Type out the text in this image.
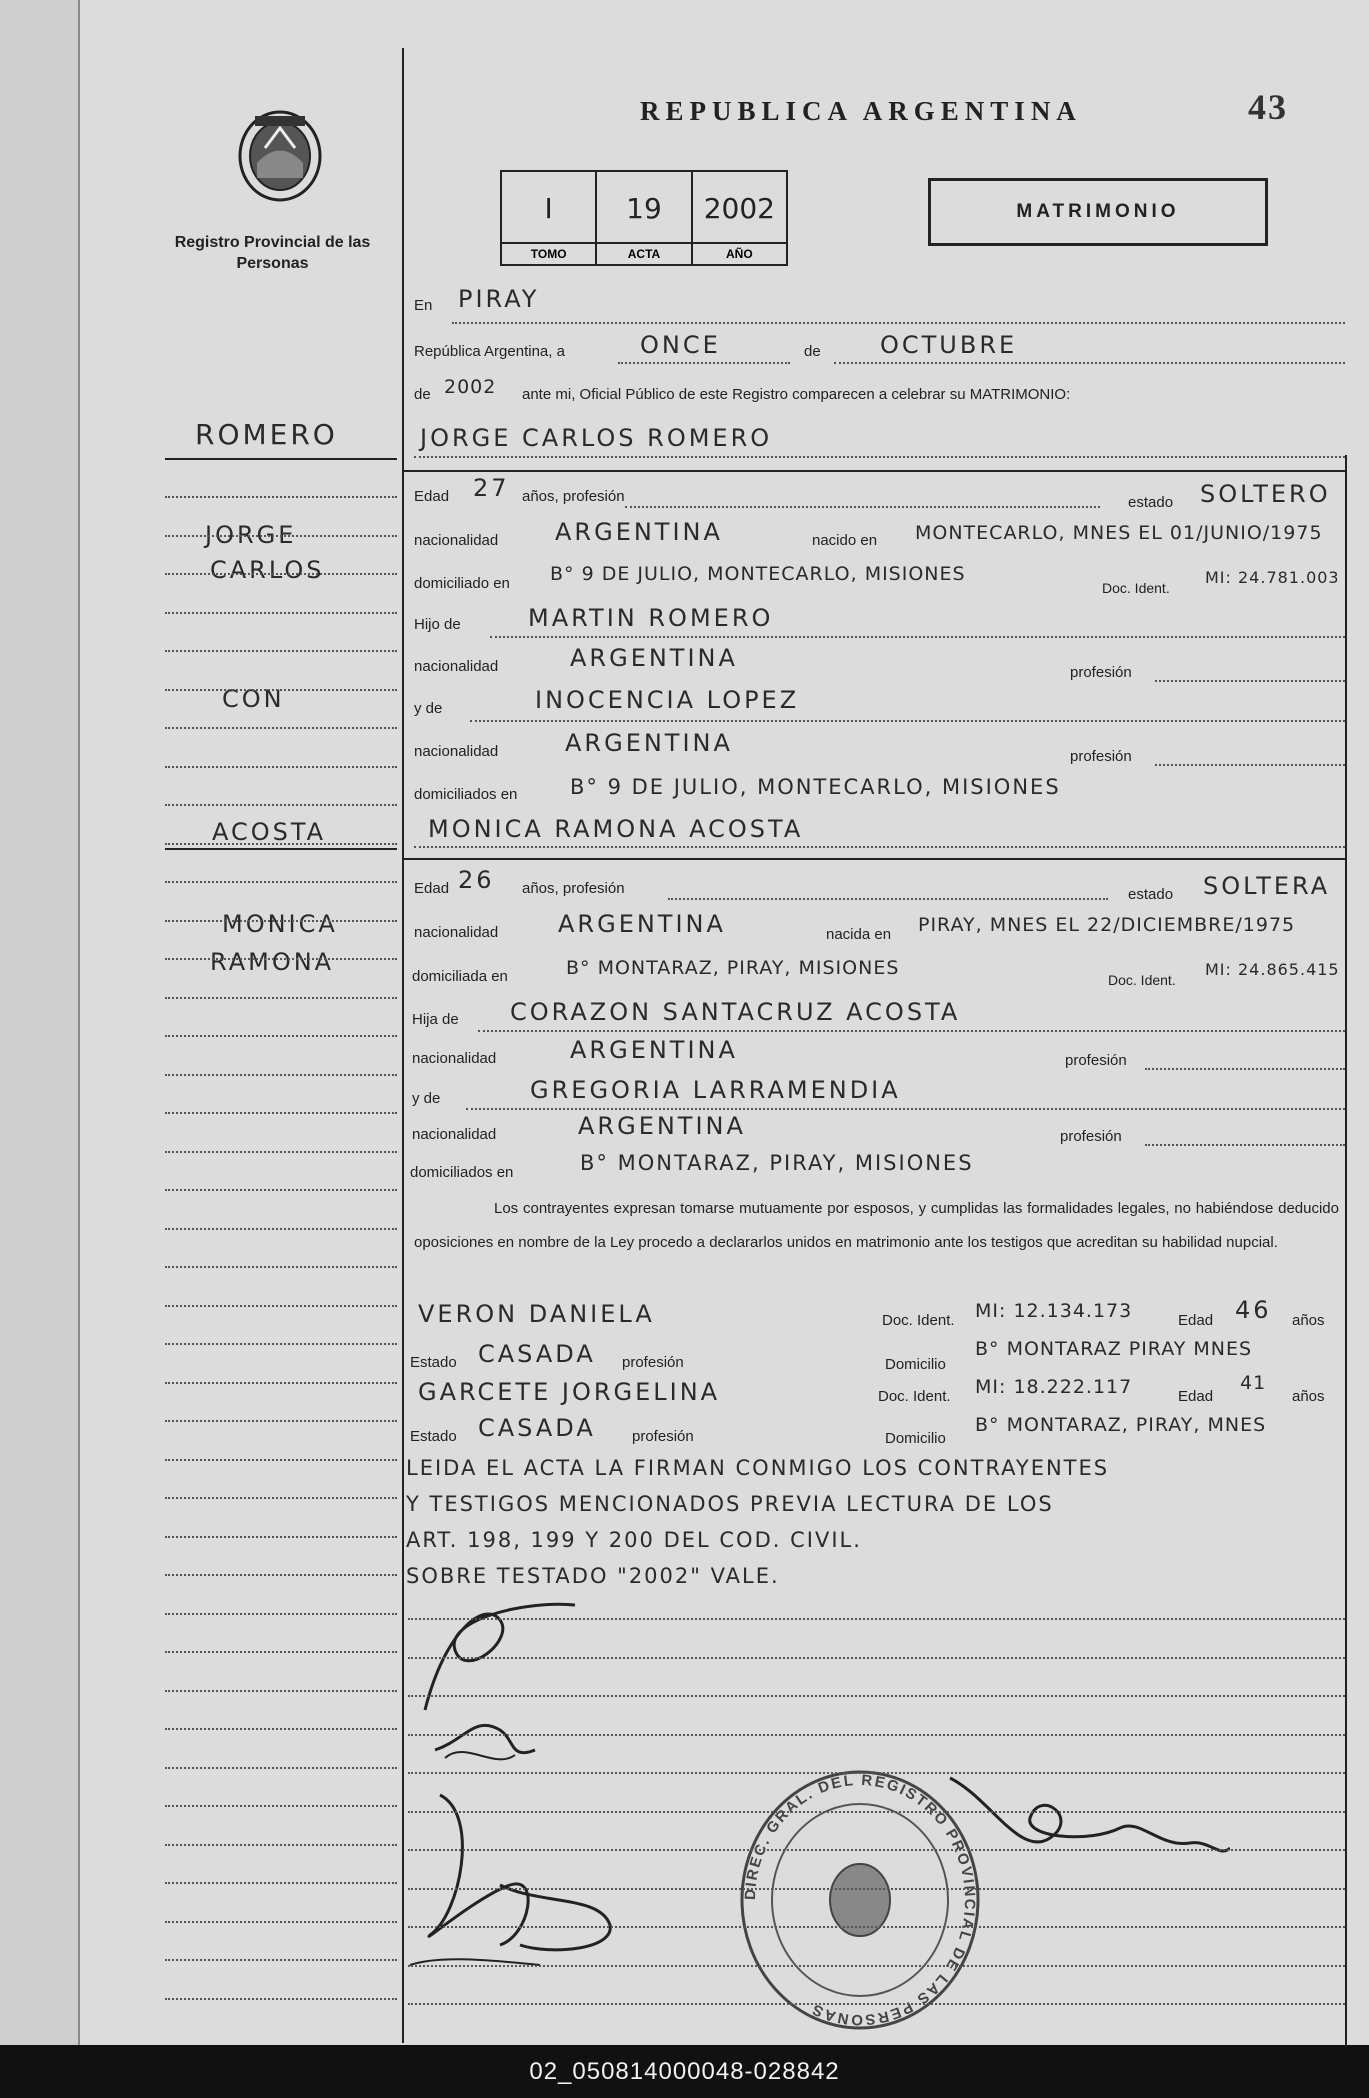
Registro Provincial de las Personas
REPUBLICA ARGENTINA	43
I
TOMO
19
ACTA
2002
AÑO
MATRIMONIO
En PIRAY
República Argentina, a	ONCE	de OCTUBRE
de 2002 ante mi, Oficial Público de este Registro comparecen a celebrar su MATRIMONIO:
ROMERO
JORGE
CARLOS
CON
ACOSTA
MONICA
RAMONA
JORGE CARLOS ROMERO
Edad 27 años, profesión	estado SOLTERO
nacionalidad ARGENTINA	nacido en MONTECARLO, MNES EL 01/JUNIO/1975
domiciliado en B° 9 DE JULIO, MONTECARLO, MISIONES
Doc. Ident.
MI: 24.781.003
Hijo de	MARTIN ROMERO
nacionalidad	ARGENTINA
profesión
y de	INOCENCIA LOPEZ
nacionalidad	ARGENTINA	profesión
domiciliados en	B° 9 DE JULIO, MONTECARLO, MISIONES
MONICA RAMONA ACOSTA
Edad 26 años, profesión	estado SOLTERA
nacionalidad ARGENTINA	nacida en PIRAY, MNES EL 22/DICIEMBRE/1975
domiciliada en	B° MONTARAZ, PIRAY, MISIONES
Doc. Ident.
MI: 24.865.415
Hija de CORAZON SANTACRUZ ACOSTA
nacionalidad	ARGENTINA	profesión
y de	GREGORIA LARRAMENDIA
nacionalidad	ARGENTINA	profesión
domiciliados en	B° MONTARAZ, PIRAY, MISIONES
Los contrayentes expresan tomarse mutuamente por esposos, y cumplidas las formalidades legales, no habiéndose deducido oposiciones en nombre de la Ley procedo a declararlos unidos en matrimonio ante los testigos que acreditan su habilidad nupcial.
VERON DANIELA	Doc. Ident. MI: 12.134.173	Edad 46 años
Estado CASADA profesión	Domicilio
B° MONTARAZ PIRAY MNES
GARCETE JORGELINA	Doc. Ident. MI: 18.222.117	Edad
41
años
Estado CASADA profesión	Domicilio
B° MONTARAZ, PIRAY, MNES
LEIDA EL ACTA LA FIRMAN CONMIGO LOS CONTRAYENTES
Y TESTIGOS MENCIONADOS PREVIA LECTURA DE LOS
ART. 198, 199 Y 200 DEL COD. CIVIL.
SOBRE TESTADO "2002" VALE.
DIREC. GRAL. DEL REGISTRO PROVINCIAL DE LAS PERSONAS
02_050814000048-028842
